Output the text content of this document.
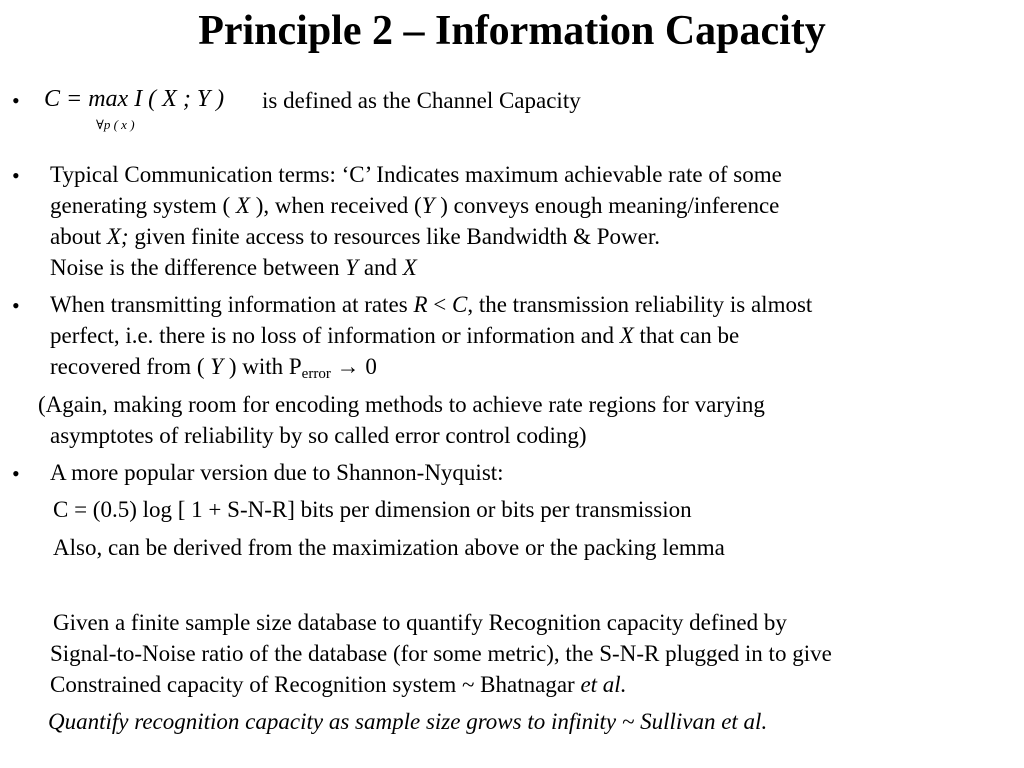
Principle 2 – Information Capacity
• C = max I ( X ; Y )
∀p ( x )
is defined as the Channel Capacity
• Typical Communication terms: ‘C’ Indicates maximum achievable rate of some
generating system ( X ), when received (Y ) conveys enough meaning/inference
about X; given finite access to resources like Bandwidth & Power.
Noise is the difference between Y and X
• When transmitting information at rates R < C, the transmission reliability is almost
perfect, i.e. there is no loss of information or information and X that can be
recovered from ( Y ) with $P_{error} \to 0$
(Again, making room for encoding methods to achieve rate regions for varying
asymptotes of reliability by so called error control coding)
• A more popular version due to Shannon-Nyquist:
C = (0.5) log [ 1 + S-N-R] bits per dimension or bits per transmission
Also, can be derived from the maximization above or the packing lemma
Given a finite sample size database to quantify Recognition capacity defined by
Signal-to-Noise ratio of the database (for some metric), the S-N-R plugged in to give
Constrained capacity of Recognition system ~ Bhatnagar et al.
Quantify recognition capacity as sample size grows to infinity ~ Sullivan et al.
